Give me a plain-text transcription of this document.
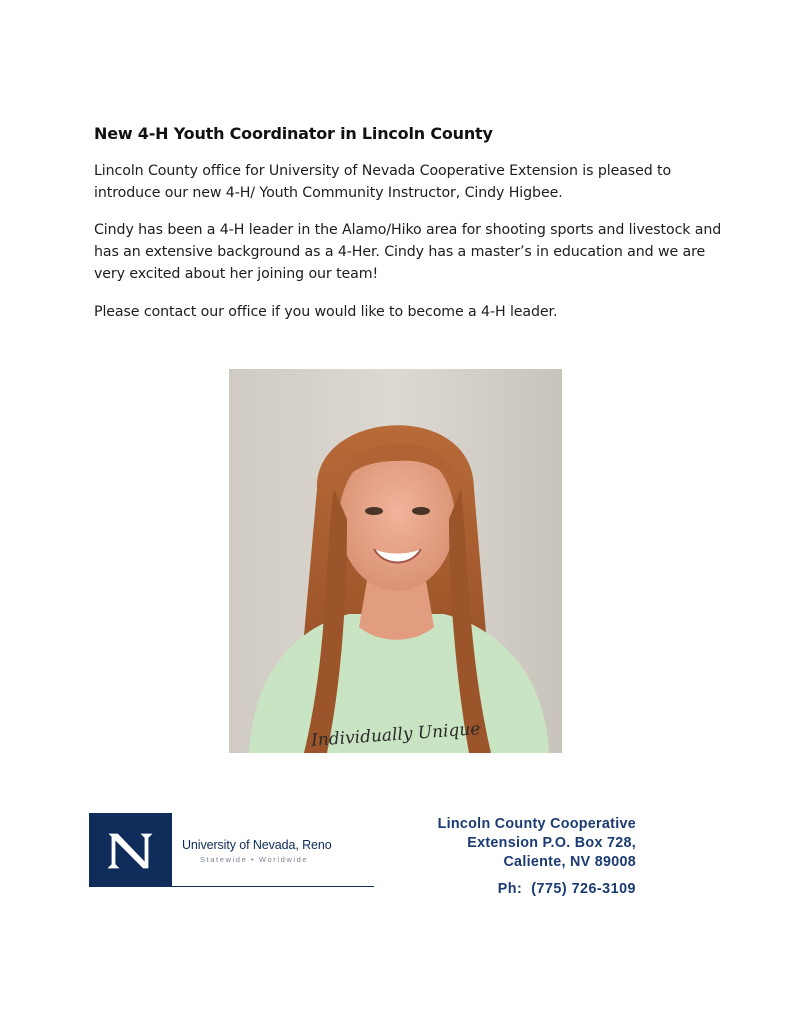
New 4-H Youth Coordinator in Lincoln County
Lincoln County office for University of Nevada Cooperative Extension is pleased to introduce our new 4-H/ Youth Community Instructor, Cindy Higbee.
Cindy has been a 4-H leader in the Alamo/Hiko area for shooting sports and livestock and has an extensive background as a 4-Her. Cindy has a master’s in education and we are very excited about her joining our team!
Please contact our office if you would like to become a 4-H leader.
Individually Unique
University of Nevada, Reno
Statewide • Worldwide
Lincoln County Cooperative
Extension P.O. Box 728,
Caliente, NV 89008
Ph:  (775) 726-3109
